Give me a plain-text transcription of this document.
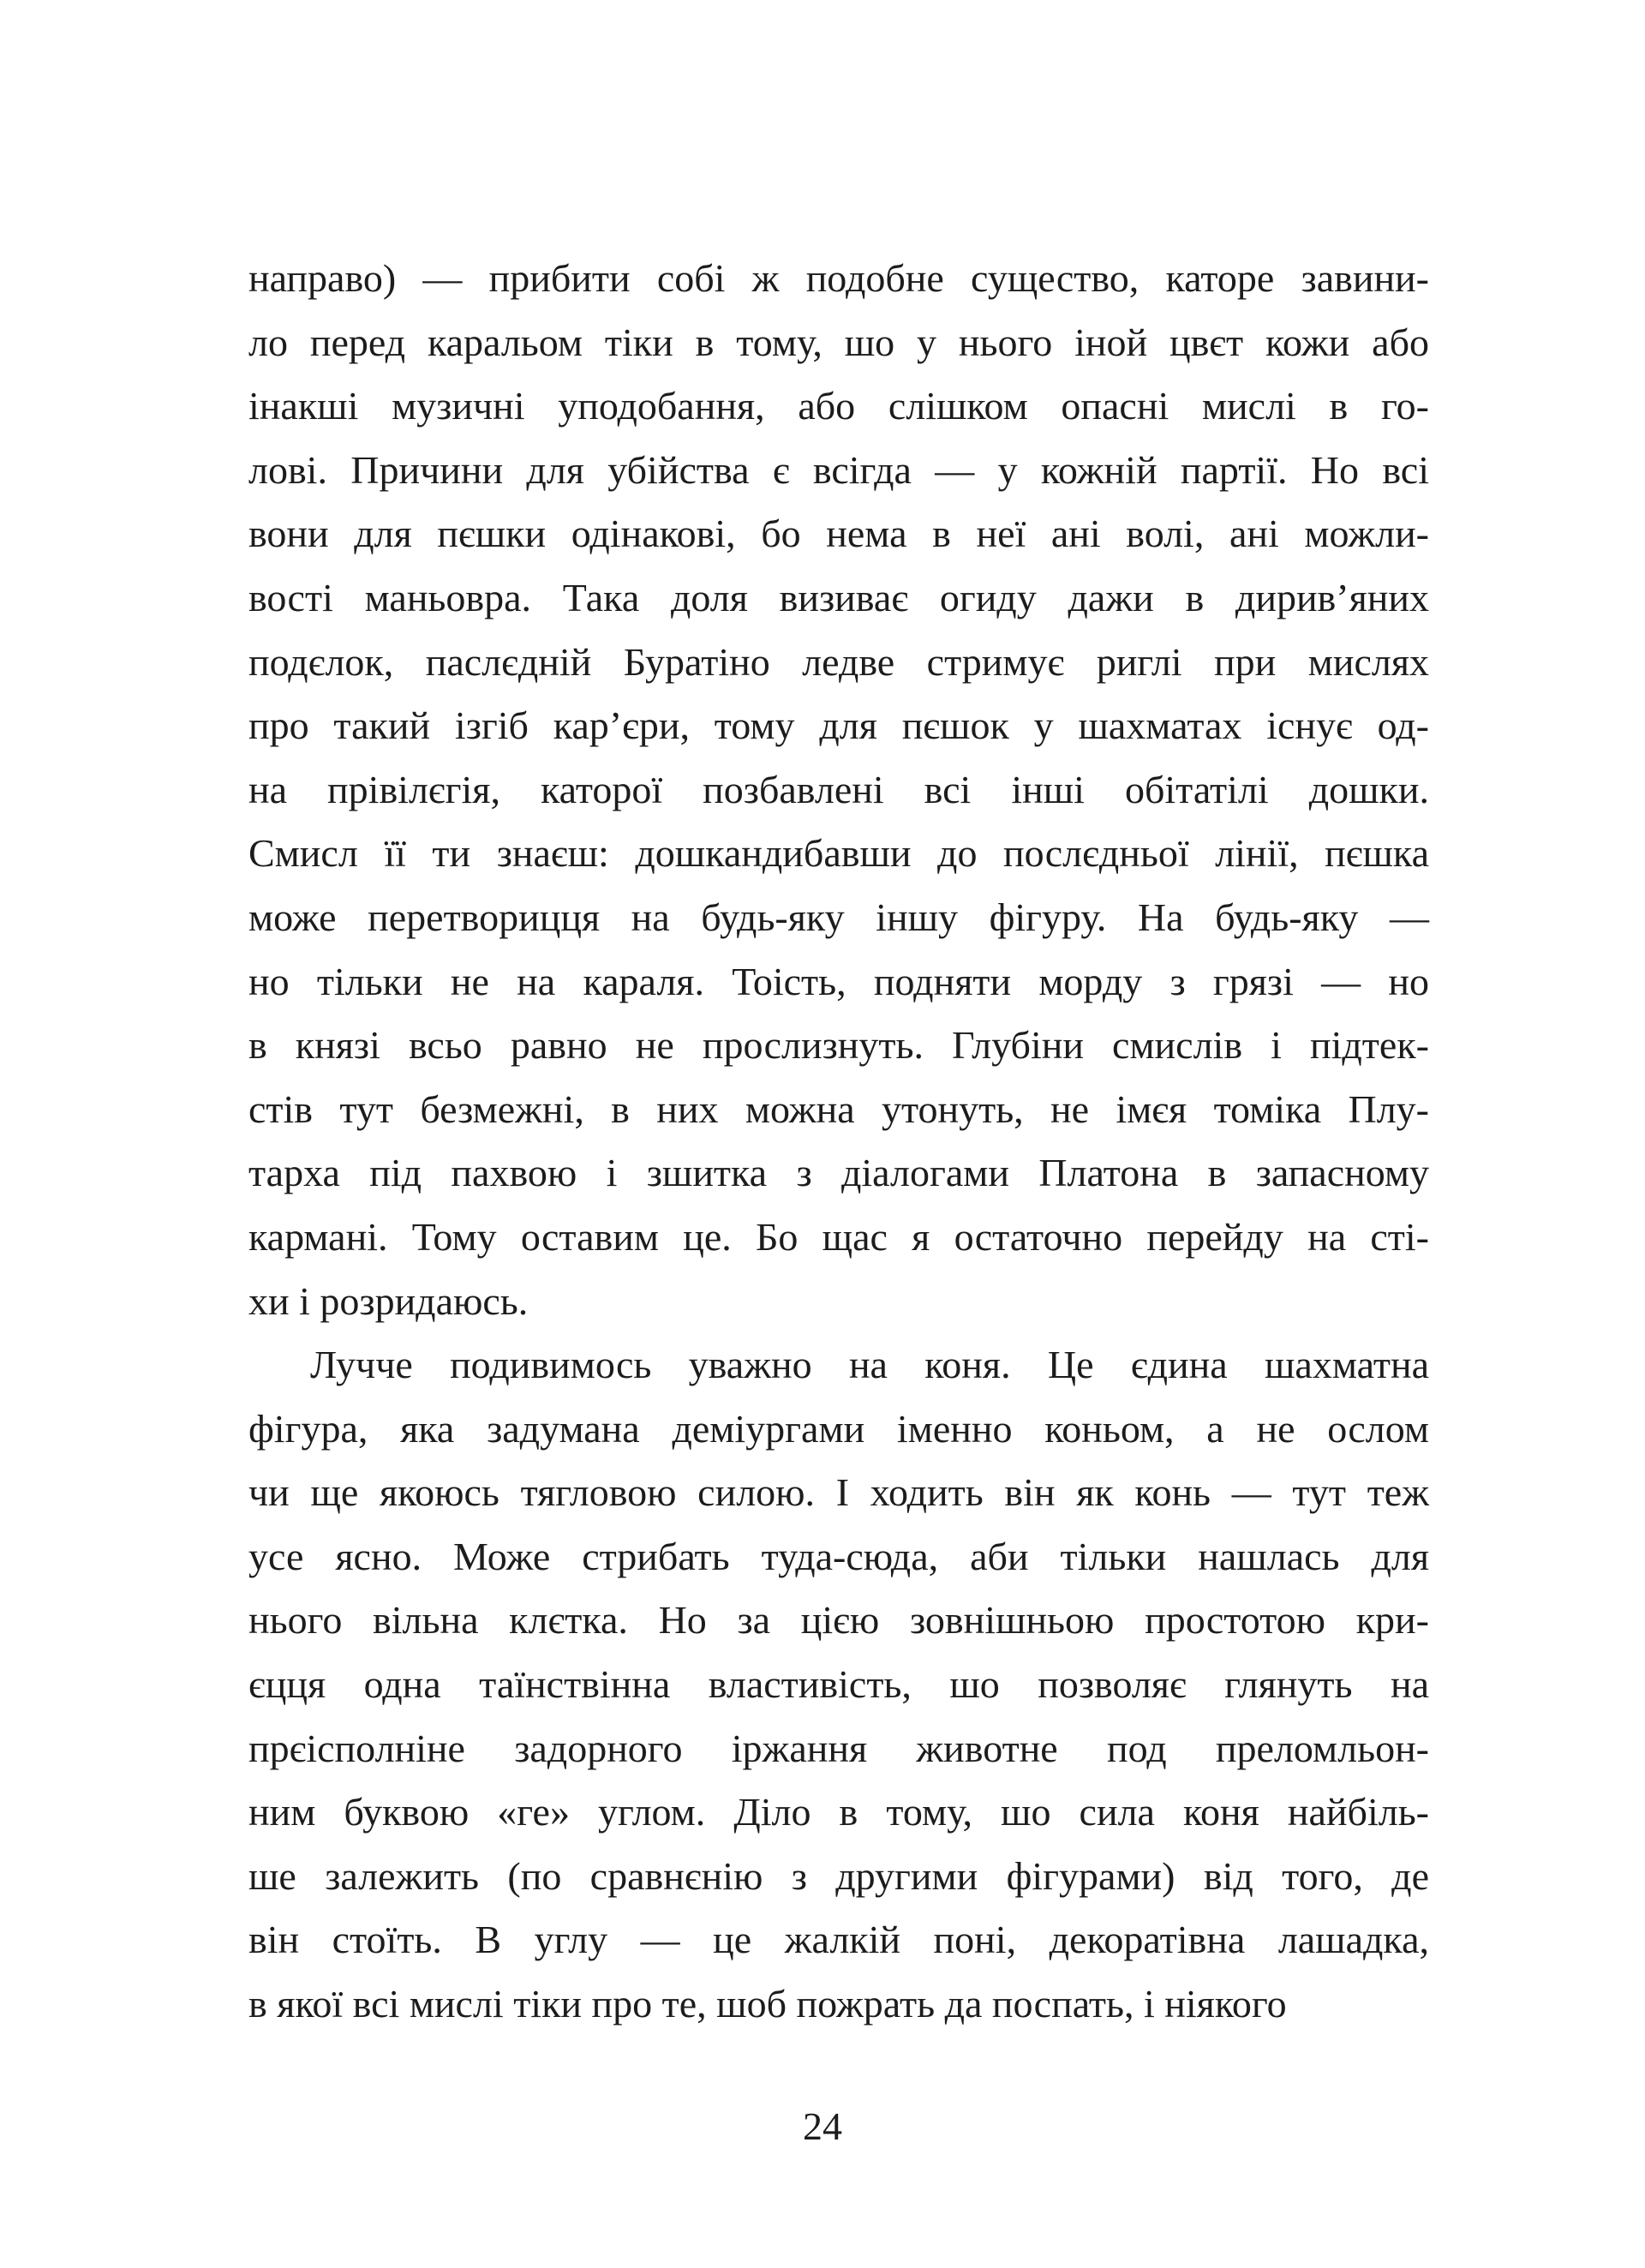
направо) — прибити собі ж подобне существо, каторе завини-
ло перед каральом тіки в тому, шо у нього іной цвєт кожи або
інакші музичні уподобання, або слішком опасні мислі в го-
лові. Причини для убійства є всігда — у кожній партії. Но всі
вони для пєшки одінакові, бо нема в неї ані волі, ані можли-
вості маньовра. Така доля визиває огиду дажи в дирив’яних
подєлок, паслєдній Буратіно ледве стримує риглі при мислях
про такий ізгіб кар’єри, тому для пєшок у шахматах існує од-
на прівілєгія, каторої позбавлені всі інші обітатілі дошки.
Смисл її ти знаєш: дошкандибавши до послєдньої лінії, пєшка
може перетворицця на будь-яку іншу фігуру. На будь-яку —
но тільки не на караля. Тоість, подняти морду з грязі — но
в князі всьо равно не прослизнуть. Глубіни смислів і підтек-
стів тут безмежні, в них можна утонуть, не імєя томіка Плу-
тарха під пахвою і зшитка з діалогами Платона в запасному
кармані. Тому оставим це. Бо щас я остаточно перейду на сті-
хи і розридаюсь.
Лучче подивимось уважно на коня. Це єдина шахматна
фігура, яка задумана деміургами іменно коньом, а не ослом
чи ще якоюсь тягловою силою. І ходить він як конь — тут теж
усе ясно. Може стрибать туда-сюда, аби тільки нашлась для
нього вільна клєтка. Но за цією зовнішньою простотою кри-
єцця одна таїнствінна властивість, шо позволяє глянуть на
прєісполніне задорного іржання животне под преломльон-
ним буквою «ге» углом. Діло в тому, шо сила коня найбіль-
ше залежить (по сравнєнію з другими фігурами) від того, де
він стоїть. В углу — це жалкій поні, декоратівна лашадка,
в якої всі мислі тіки про те, шоб пожрать да поспать, і ніякого
24
